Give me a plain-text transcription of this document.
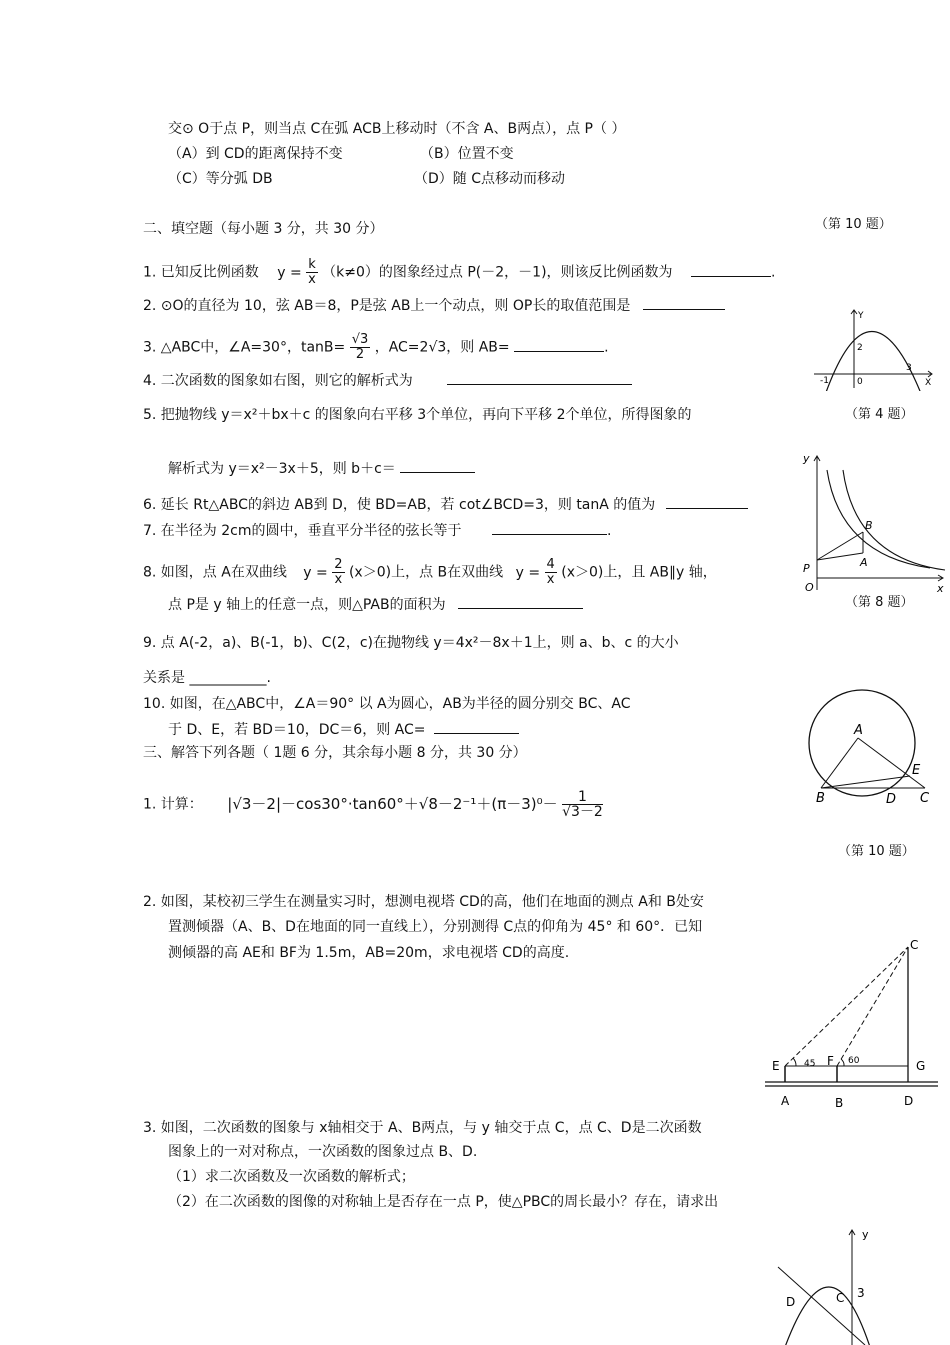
交⊙ O于点 P，则当点 C在弧 ACB上移动时（不含 A、B两点），点 P（ ）
（A）到 CD的距离保持不变	（B）位置不变
（C）等分弧 DB	（D）随 C点移动而移动
二、填空题（每小题 3 分，共 30 分）	（第 10 题）
1. 已知反比例函数 $y = \frac{k}{x} (k\ne 0)$的图象经过点 P(－2，－1)，则该反比例函数为	.
2. ⊙O的直径为 10，弦 AB＝8，P是弦 AB上一个动点，则 OP长的取值范围是
3. △ABC中，∠A=30°，$\tan B= \frac{√3}{2}$ ，AC=2√3，则 AB=	.
4. 二次函数的图象如右图，则它的解析式为
5. 把抛物线 y＝x²＋bx＋c 的图象向右平移 3个单位，再向下平移 2个单位，所得图象的
解析式为 y＝x²－3x＋5，则 b＋c＝
6. 延长 Rt△ABC的斜边 AB到 D，使 BD=AB，若 cot∠BCD=3，则 tanA 的值为
7. 在半径为 2cm的圆中，垂直平分半径的弦长等于	.
8. 如图，点 A在双曲线 $y = \frac{2}{x} (x>0)$上，点 B在双曲线 $y = \frac{4}{x} (x>0)$上，且 AB∥y 轴，
点 P是 y 轴上的任意一点，则△PAB的面积为
9. 点 A(-2，a)、B(-1，b)、C(2，c)在抛物线 y＝4x²－8x＋1上，则 a、b、c 的大小
关系是 ___________.
10. 如图，在△ABC中，∠A＝90° 以 A为圆心，AB为半径的圆分别交 BC、AC
于 D、E，若 BD＝10，DC＝6，则 AC=
三、解答下列各题（ 1题 6 分，其余每小题 8 分，共 30 分）
1. 计算： $|√3-2|-\cos 30^\circ\cdot\tan 60^\circ+√8-2^{-1}+(\pi-3)^0- \frac{1}{√3-2}$
2. 如图，某校初三学生在测量实习时，想测电视塔 CD的高，他们在地面的测点 A和 B处安
置测倾器（A、B、D在地面的同一直线上），分别测得 C点的仰角为 45° 和 60°．已知
测倾器的高 AE和 BF为 1.5m，AB=20m，求电视塔 CD的高度.
3. 如图，二次函数的图象与 x轴相交于 A、B两点，与 y 轴交于点 C，点 C、D是二次函数
图象上的一对对称点，一次函数的图象过点 B、D.
（1）求二次函数及一次函数的解析式；
（2）在二次函数的图像的对称轴上是否存在一点 P，使△PBC的周长最小？存在，请求出
Y
X
2
-1	0
3
（第 4 题）
y
x
B
A
P
O
（第 8 题）
A
B	D C
E
（第 10 题）
C
E	F	G
45	60
A	B	D
y
D	C 3
